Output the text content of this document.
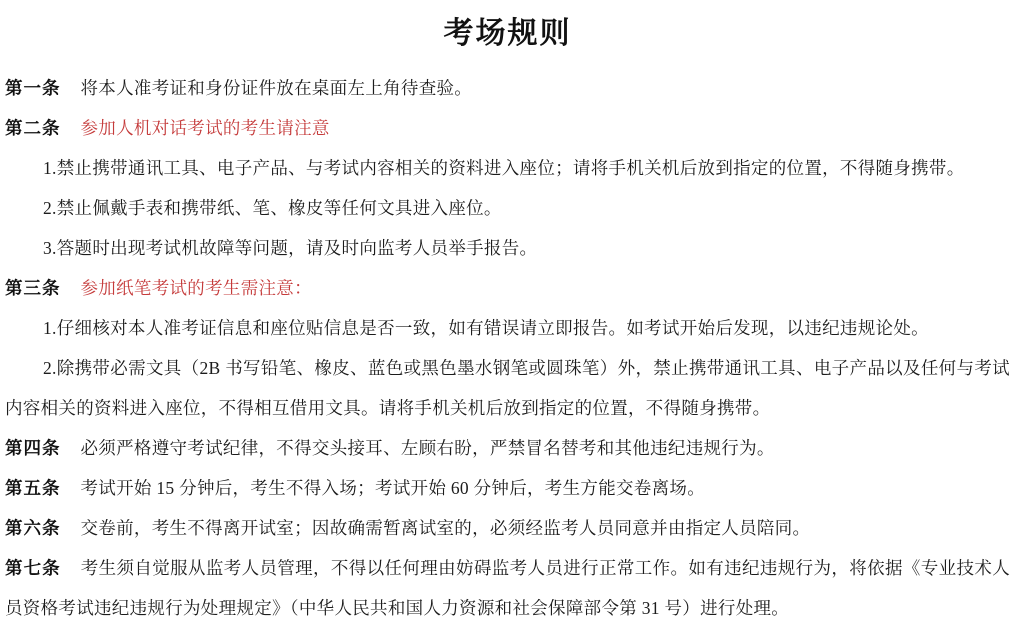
考场规则

第一条 将本人准考证和身份证件放在桌面左上角待查验。

第二条 参加人机对话考试的考生请注意

1.禁止携带通讯工具、电子产品、与考试内容相关的资料进入座位；请将手机关机后放到指定的位置，不得随身携带。

2.禁止佩戴手表和携带纸、笔、橡皮等任何文具进入座位。

3.答题时出现考试机故障等问题，请及时向监考人员举手报告。

第三条 参加纸笔考试的考生需注意：

1.仔细核对本人准考证信息和座位贴信息是否一致，如有错误请立即报告。如考试开始后发现，以违纪违规论处。

2.除携带必需文具（2B 书写铅笔、橡皮、蓝色或黑色墨水钢笔或圆珠笔）外，禁止携带通讯工具、电子产品以及任何与考试内容相关的资料进入座位，不得相互借用文具。请将手机关机后放到指定的位置，不得随身携带。

第四条 必须严格遵守考试纪律，不得交头接耳、左顾右盼，严禁冒名替考和其他违纪违规行为。

第五条 考试开始 15 分钟后，考生不得入场；考试开始 60 分钟后，考生方能交卷离场。

第六条 交卷前，考生不得离开试室；因故确需暂离试室的，必须经监考人员同意并由指定人员陪同。

第七条 考生须自觉服从监考人员管理，不得以任何理由妨碍监考人员进行正常工作。如有违纪违规行为，将依据《专业技术人员资格考试违纪违规行为处理规定》（中华人民共和国人力资源和社会保障部令第 31 号）进行处理。
